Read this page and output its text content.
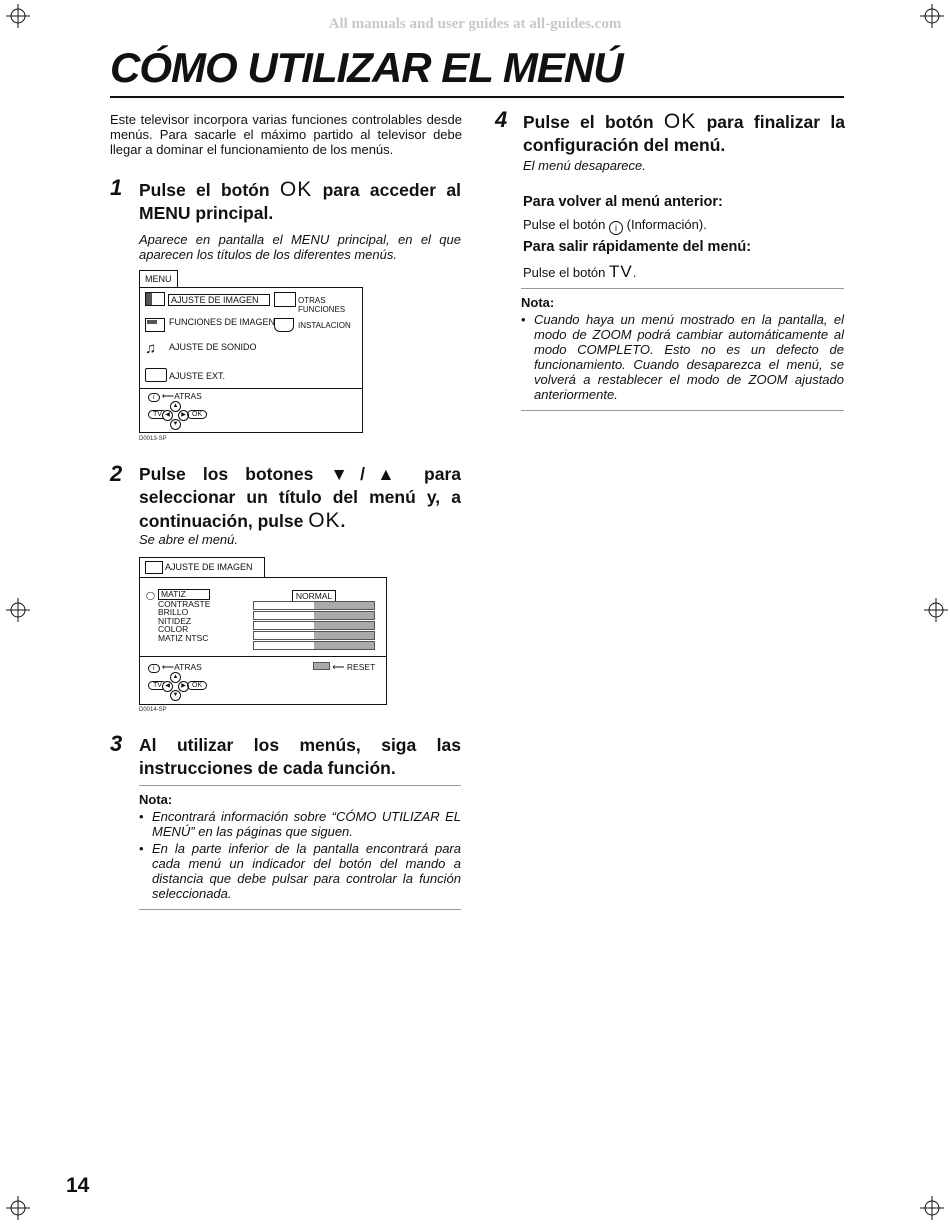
All manuals and user guides at all-guides.com
CÓMO UTILIZAR EL MENÚ
Este televisor incorpora varias funciones controlables desde menús. Para sacarle el máximo partido al televisor debe llegar a dominar el funcionamiento de los menús.
1 Pulse el botón OK para acceder al MENU principal.
Aparece en pantalla el MENU principal, en el que aparecen los títulos de los diferentes menús.
MENU
AJUSTE DE IMAGEN
FUNCIONES DE IMAGEN
♫ AJUSTE DE SONIDO
AJUSTE EXT.
OTRAS FUNCIONES
INSTALACION
i ⟵ATRAS
TV
▲
◀	▶
▼
OK
D0013-SP
2 Pulse los botones ▼/▲ para seleccionar un título del menú y, a continuación, pulse OK.
Se abre el menú.
AJUSTE DE IMAGEN
◯ MATIZ
CONTRASTE
BRILLO
NITIDEZ
COLOR
MATIZ NTSC
NORMAL
i ⟵ATRAS	⟵ RESET
TV
▲
◀	▶
▼
OK
D0014-SP
3 Al utilizar los menús, siga las instrucciones de cada función.
Nota:
• Encontrará información sobre “CÓMO UTILIZAR EL MENÚ” en las páginas que siguen.
• En la parte inferior de la pantalla encontrará para cada menú un indicador del botón del mando a distancia que debe pulsar para controlar la función seleccionada.
4 Pulse el botón OK para finalizar la configuración del menú.
El menú desaparece.
Para volver al menú anterior:
Pulse el botón i (Información).
Para salir rápidamente del menú:
Pulse el botón TV.
Nota:
• Cuando haya un menú mostrado en la pantalla, el modo de ZOOM podrá cambiar automáticamente al modo COMPLETO. Esto no es un defecto de funcionamiento. Cuando desaparezca el menú, se volverá a restablecer el modo de ZOOM ajustado anteriormente.
14
